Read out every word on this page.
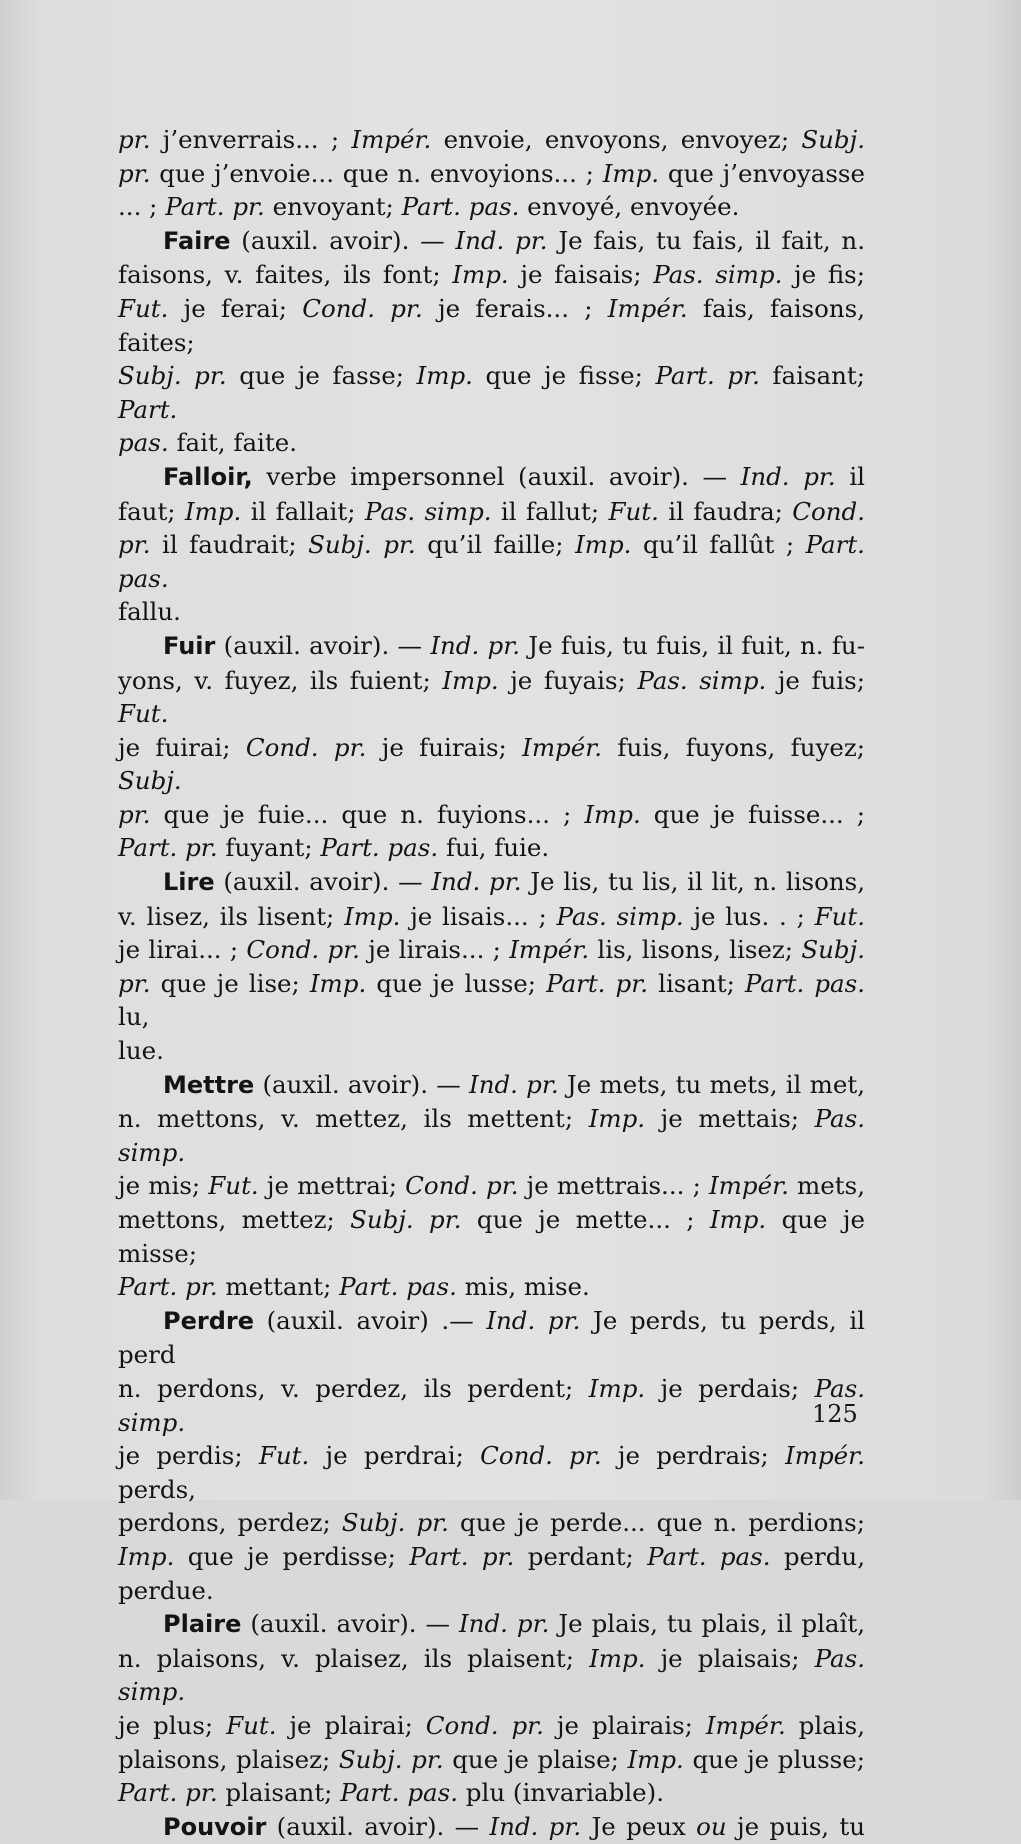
pr. j’enverrais... ; Impér. envoie, envoyons, envoyez; Subj.

pr. que j’envoie... que n. envoyions... ; Imp. que j’envoyasse

... ; Part. pr. envoyant; Part. pas. envoyé, envoyée.

Faire (auxil. avoir). — Ind. pr. Je fais, tu fais, il fait, n.

faisons, v. faites, ils font; Imp. je faisais; Pas. simp. je fis;

Fut. je ferai; Cond. pr. je ferais... ; Impér. fais, faisons, faites;

Subj. pr. que je fasse; Imp. que je fisse; Part. pr. faisant; Part.

pas. fait, faite.

Falloir, verbe impersonnel (auxil. avoir). — Ind. pr. il

faut; Imp. il fallait; Pas. simp. il fallut; Fut. il faudra; Cond.

pr. il faudrait; Subj. pr. qu’il faille; Imp. qu’il fallût ; Part. pas.

fallu.

Fuir (auxil. avoir). — Ind. pr. Je fuis, tu fuis, il fuit, n. fu-

yons, v. fuyez, ils fuient; Imp. je fuyais; Pas. simp. je fuis; Fut.

je fuirai; Cond. pr. je fuirais; Impér. fuis, fuyons, fuyez; Subj.

pr. que je fuie... que n. fuyions... ; Imp. que je fuisse... ;

Part. pr. fuyant; Part. pas. fui, fuie.

Lire (auxil. avoir). — Ind. pr. Je lis, tu lis, il lit, n. lisons,

v. lisez, ils lisent; Imp. je lisais... ; Pas. simp. je lus. . ; Fut.

je lirai... ; Cond. pr. je lirais... ; Impér. lis, lisons, lisez; Subj.

pr. que je lise; Imp. que je lusse; Part. pr. lisant; Part. pas. lu,

lue.

Mettre (auxil. avoir). — Ind. pr. Je mets, tu mets, il met,

n. mettons, v. mettez, ils mettent; Imp. je mettais; Pas. simp.

je mis; Fut. je mettrai; Cond. pr. je mettrais... ; Impér. mets,

mettons, mettez; Subj. pr. que je mette... ; Imp. que je misse;

Part. pr. mettant; Part. pas. mis, mise.

Perdre (auxil. avoir) .— Ind. pr. Je perds, tu perds, il perd

n. perdons, v. perdez, ils perdent; Imp. je perdais; Pas. simp.

je perdis; Fut. je perdrai; Cond. pr. je perdrais; Impér. perds,

perdons, perdez; Subj. pr. que je perde... que n. perdions;

Imp. que je perdisse; Part. pr. perdant; Part. pas. perdu, perdue.

Plaire (auxil. avoir). — Ind. pr. Je plais, tu plais, il plaît,

n. plaisons, v. plaisez, ils plaisent; Imp. je plaisais; Pas. simp.

je plus; Fut. je plairai; Cond. pr. je plairais; Impér. plais,

plaisons, plaisez; Subj. pr. que je plaise; Imp. que je plusse;

Part. pr. plaisant; Part. pas. plu (invariable).

Pouvoir (auxil. avoir). — Ind. pr. Je peux ou je puis, tu

125
